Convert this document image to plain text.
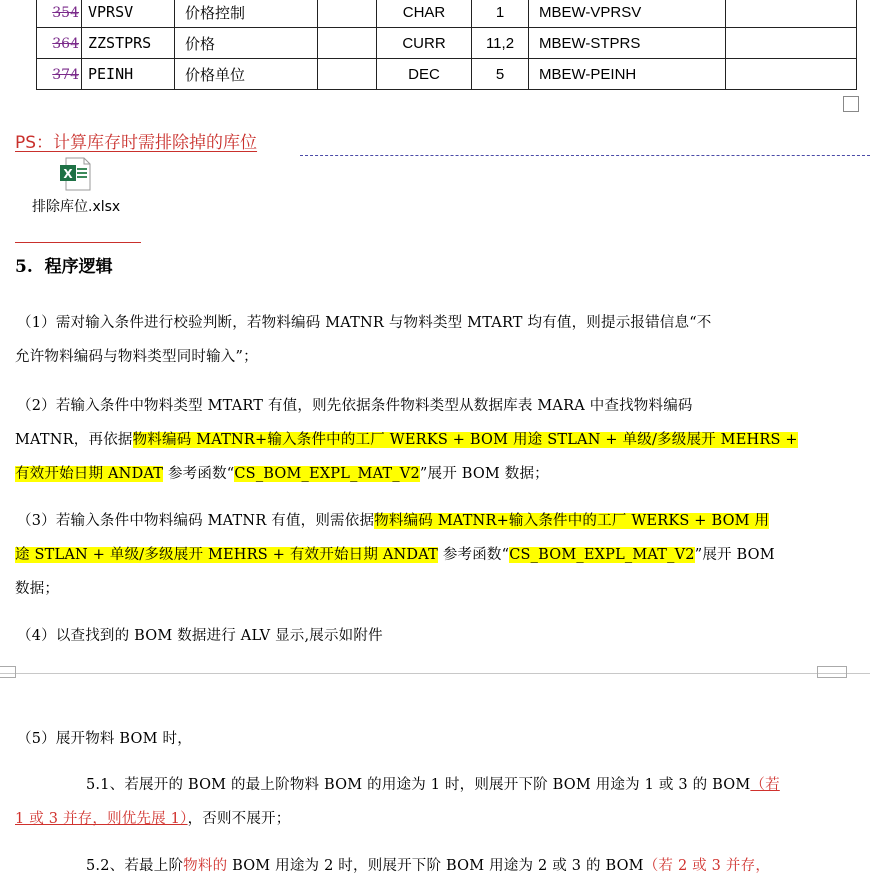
354	VPRSV	价格控制		CHAR	1	MBEW-VPRSV	
364	ZZSTPRS	价格		CURR	11,2	MBEW-STPRS	
374	PEINH	价格单位		DEC	5	MBEW-PEINH	
PS：计算库存时需排除掉的库位
X
排除库位.xlsx
5.  程序逻辑
（1）需对输入条件进行校验判断，若物料编码 MATNR 与物料类型 MTART 均有值，则提示报错信息“不
允许物料编码与物料类型同时输入”；
（2）若输入条件中物料类型 MTART 有值，则先依据条件物料类型从数据库表 MARA 中查找物料编码
MATNR，再依据物料编码 MATNR+输入条件中的工厂 WERKS + BOM 用途 STLAN + 单级/多级展开 MEHRS +
有效开始日期 ANDAT 参考函数“CS_BOM_EXPL_MAT_V2”展开 BOM 数据；
（3）若输入条件中物料编码 MATNR 有值，则需依据物料编码 MATNR+输入条件中的工厂 WERKS + BOM 用
途 STLAN + 单级/多级展开 MEHRS + 有效开始日期 ANDAT 参考函数“CS_BOM_EXPL_MAT_V2”展开 BOM
数据；
（4）以查找到的 BOM 数据进行 ALV 显示,展示如附件
（5）展开物料 BOM 时，
5.1、若展开的 BOM 的最上阶物料 BOM 的用途为 1 时，则展开下阶 BOM 用途为 1 或 3 的 BOM（若
1 或 3 并存，则优先展 1），否则不展开；
5.2、若最上阶物料的 BOM 用途为 2 时，则展开下阶 BOM 用途为 2 或 3 的 BOM（若 2 或 3 并存，
